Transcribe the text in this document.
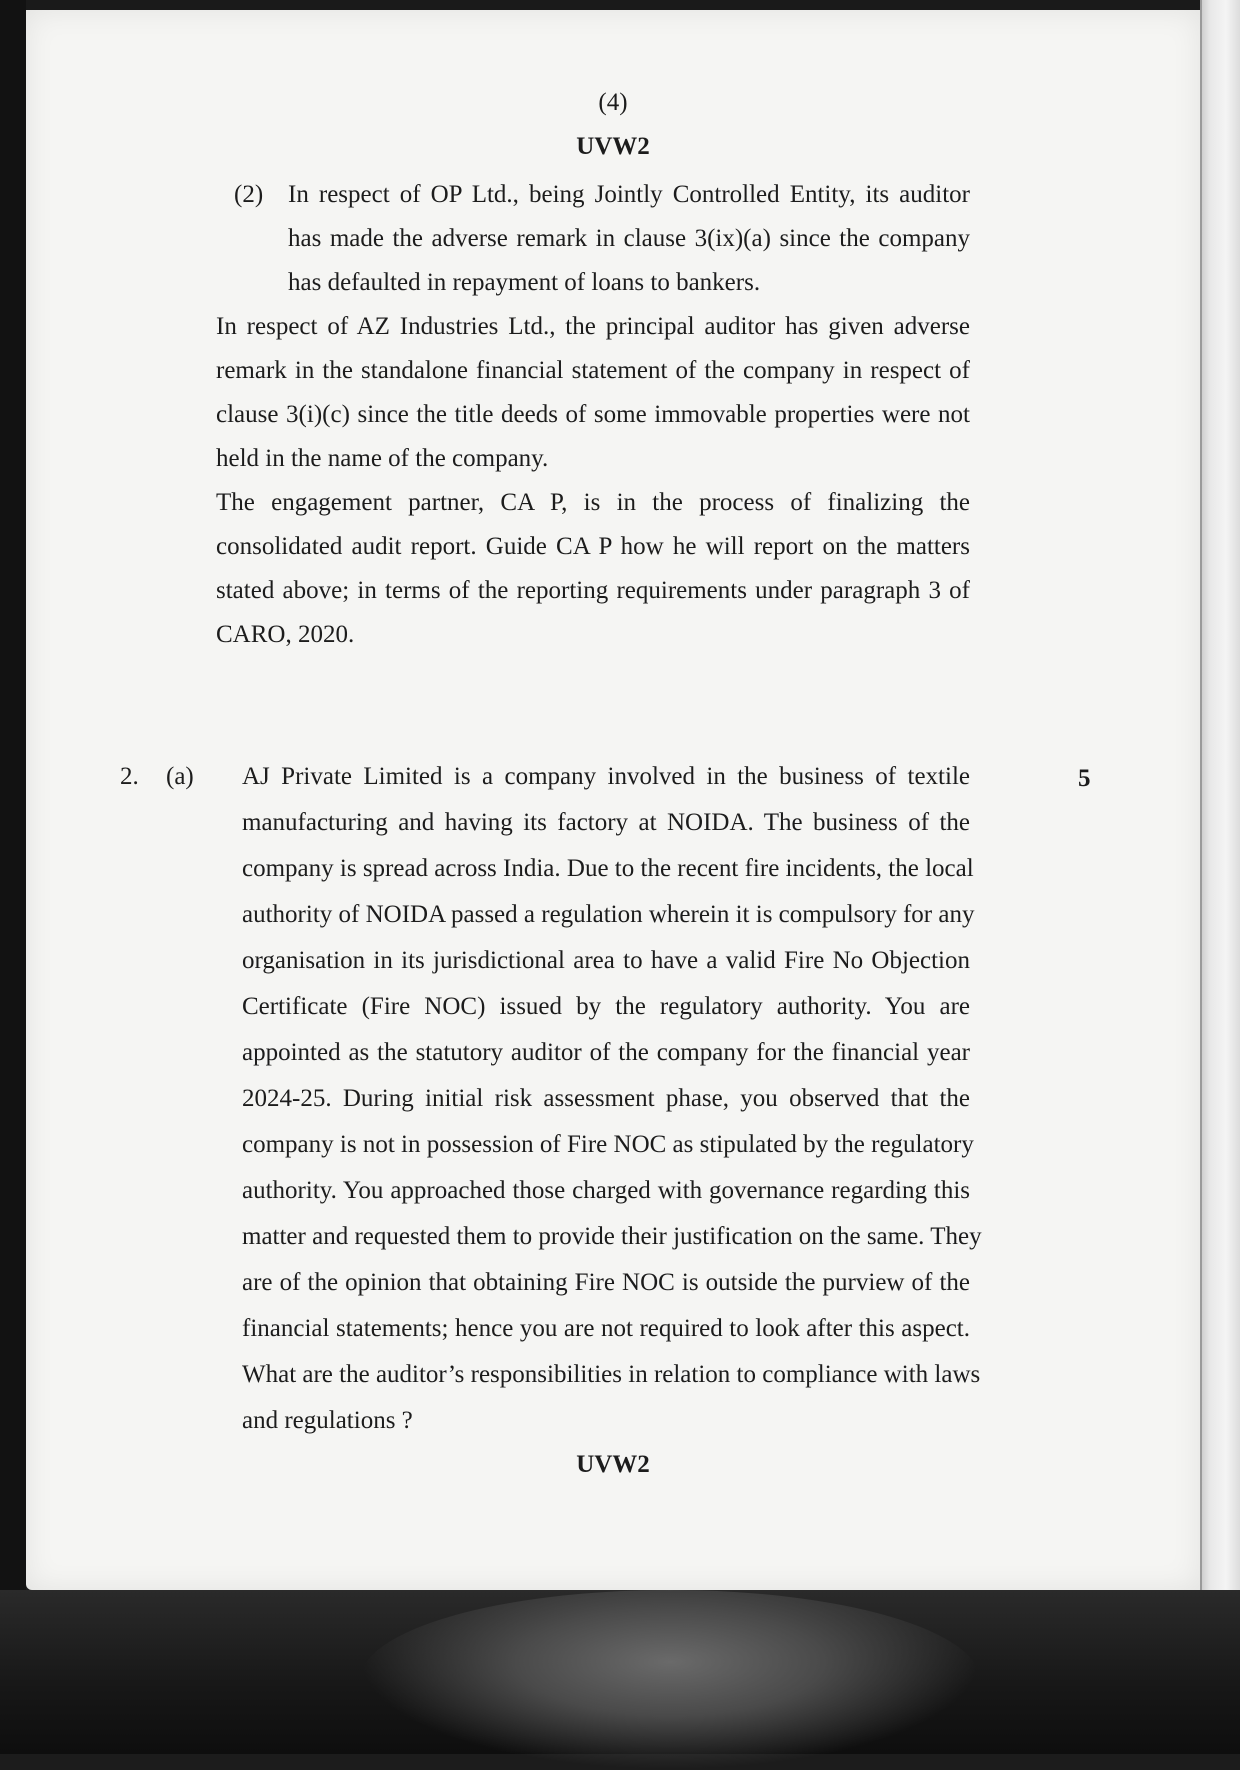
(4)
UVW2
(2) In respect of OP Ltd., being Jointly Controlled Entity, its auditor
has made the adverse remark in clause 3(ix)(a) since the company
has defaulted in repayment of loans to bankers.
In respect of AZ Industries Ltd., the principal auditor has given adverse
remark in the standalone financial statement of the company in respect of
clause 3(i)(c) since the title deeds of some immovable properties were not
held in the name of the company.
The engagement partner, CA P, is in the process of finalizing the
consolidated audit report. Guide CA P how he will report on the matters
stated above; in terms of the reporting requirements under paragraph 3 of
CARO, 2020.
2. (a)	5
AJ Private Limited is a company involved in the business of textile
manufacturing and having its factory at NOIDA. The business of the
company is spread across India. Due to the recent fire incidents, the local
authority of NOIDA passed a regulation wherein it is compulsory for any
organisation in its jurisdictional area to have a valid Fire No Objection
Certificate (Fire NOC) issued by the regulatory authority. You are
appointed as the statutory auditor of the company for the financial year
2024-25. During initial risk assessment phase, you observed that the
company is not in possession of Fire NOC as stipulated by the regulatory
authority. You approached those charged with governance regarding this
matter and requested them to provide their justification on the same. They
are of the opinion that obtaining Fire NOC is outside the purview of the
financial statements; hence you are not required to look after this aspect.
What are the auditor’s responsibilities in relation to compliance with laws
and regulations ?
UVW2
